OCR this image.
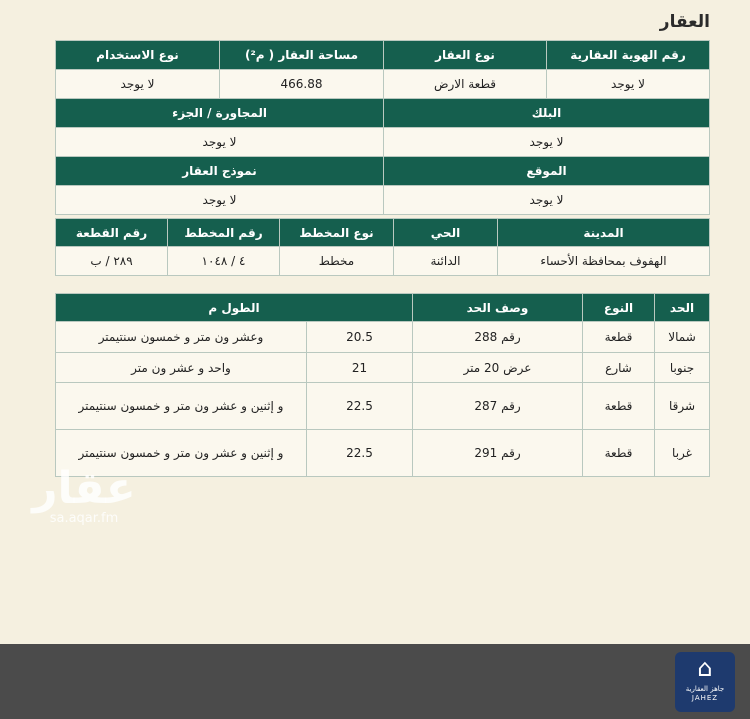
العقار
رقم الهوية العقارية	نوع العقار	مساحة العقار ( م²)	نوع الاستخدام
لا يوجد	قطعة الارض	466.88	لا يوجد
البلك		المجاورة / الجزء	
لا يوجد		لا يوجد	
الموقع		نموذج العقار	
لا يوجد		لا يوجد	
المدينة	الحي	نوع المخطط	رقم المخطط	رقم القطعة
الهفوف بمحافظة الأحساء	الدائنة	مخطط	٤ / ١٠٤٨	٢٨٩ / ب
الحد	النوع	وصف الحد	الطول م	
شمالا	قطعة	رقم 288	20.5	وعشر ون متر و خمسون سنتيمتر
جنوبا	شارع	عرض 20 متر	21	واحد و عشر ون متر
شرقا	قطعة	رقم 287	22.5	و إثنين و عشر ون متر و خمسون سنتيمتر
غربا	قطعة	رقم 291	22.5	و إثنين و عشر ون متر و خمسون سنتيمتر
عقار
sa.aqar.fm
⌂
جاهز العقارية
JAHEZ
